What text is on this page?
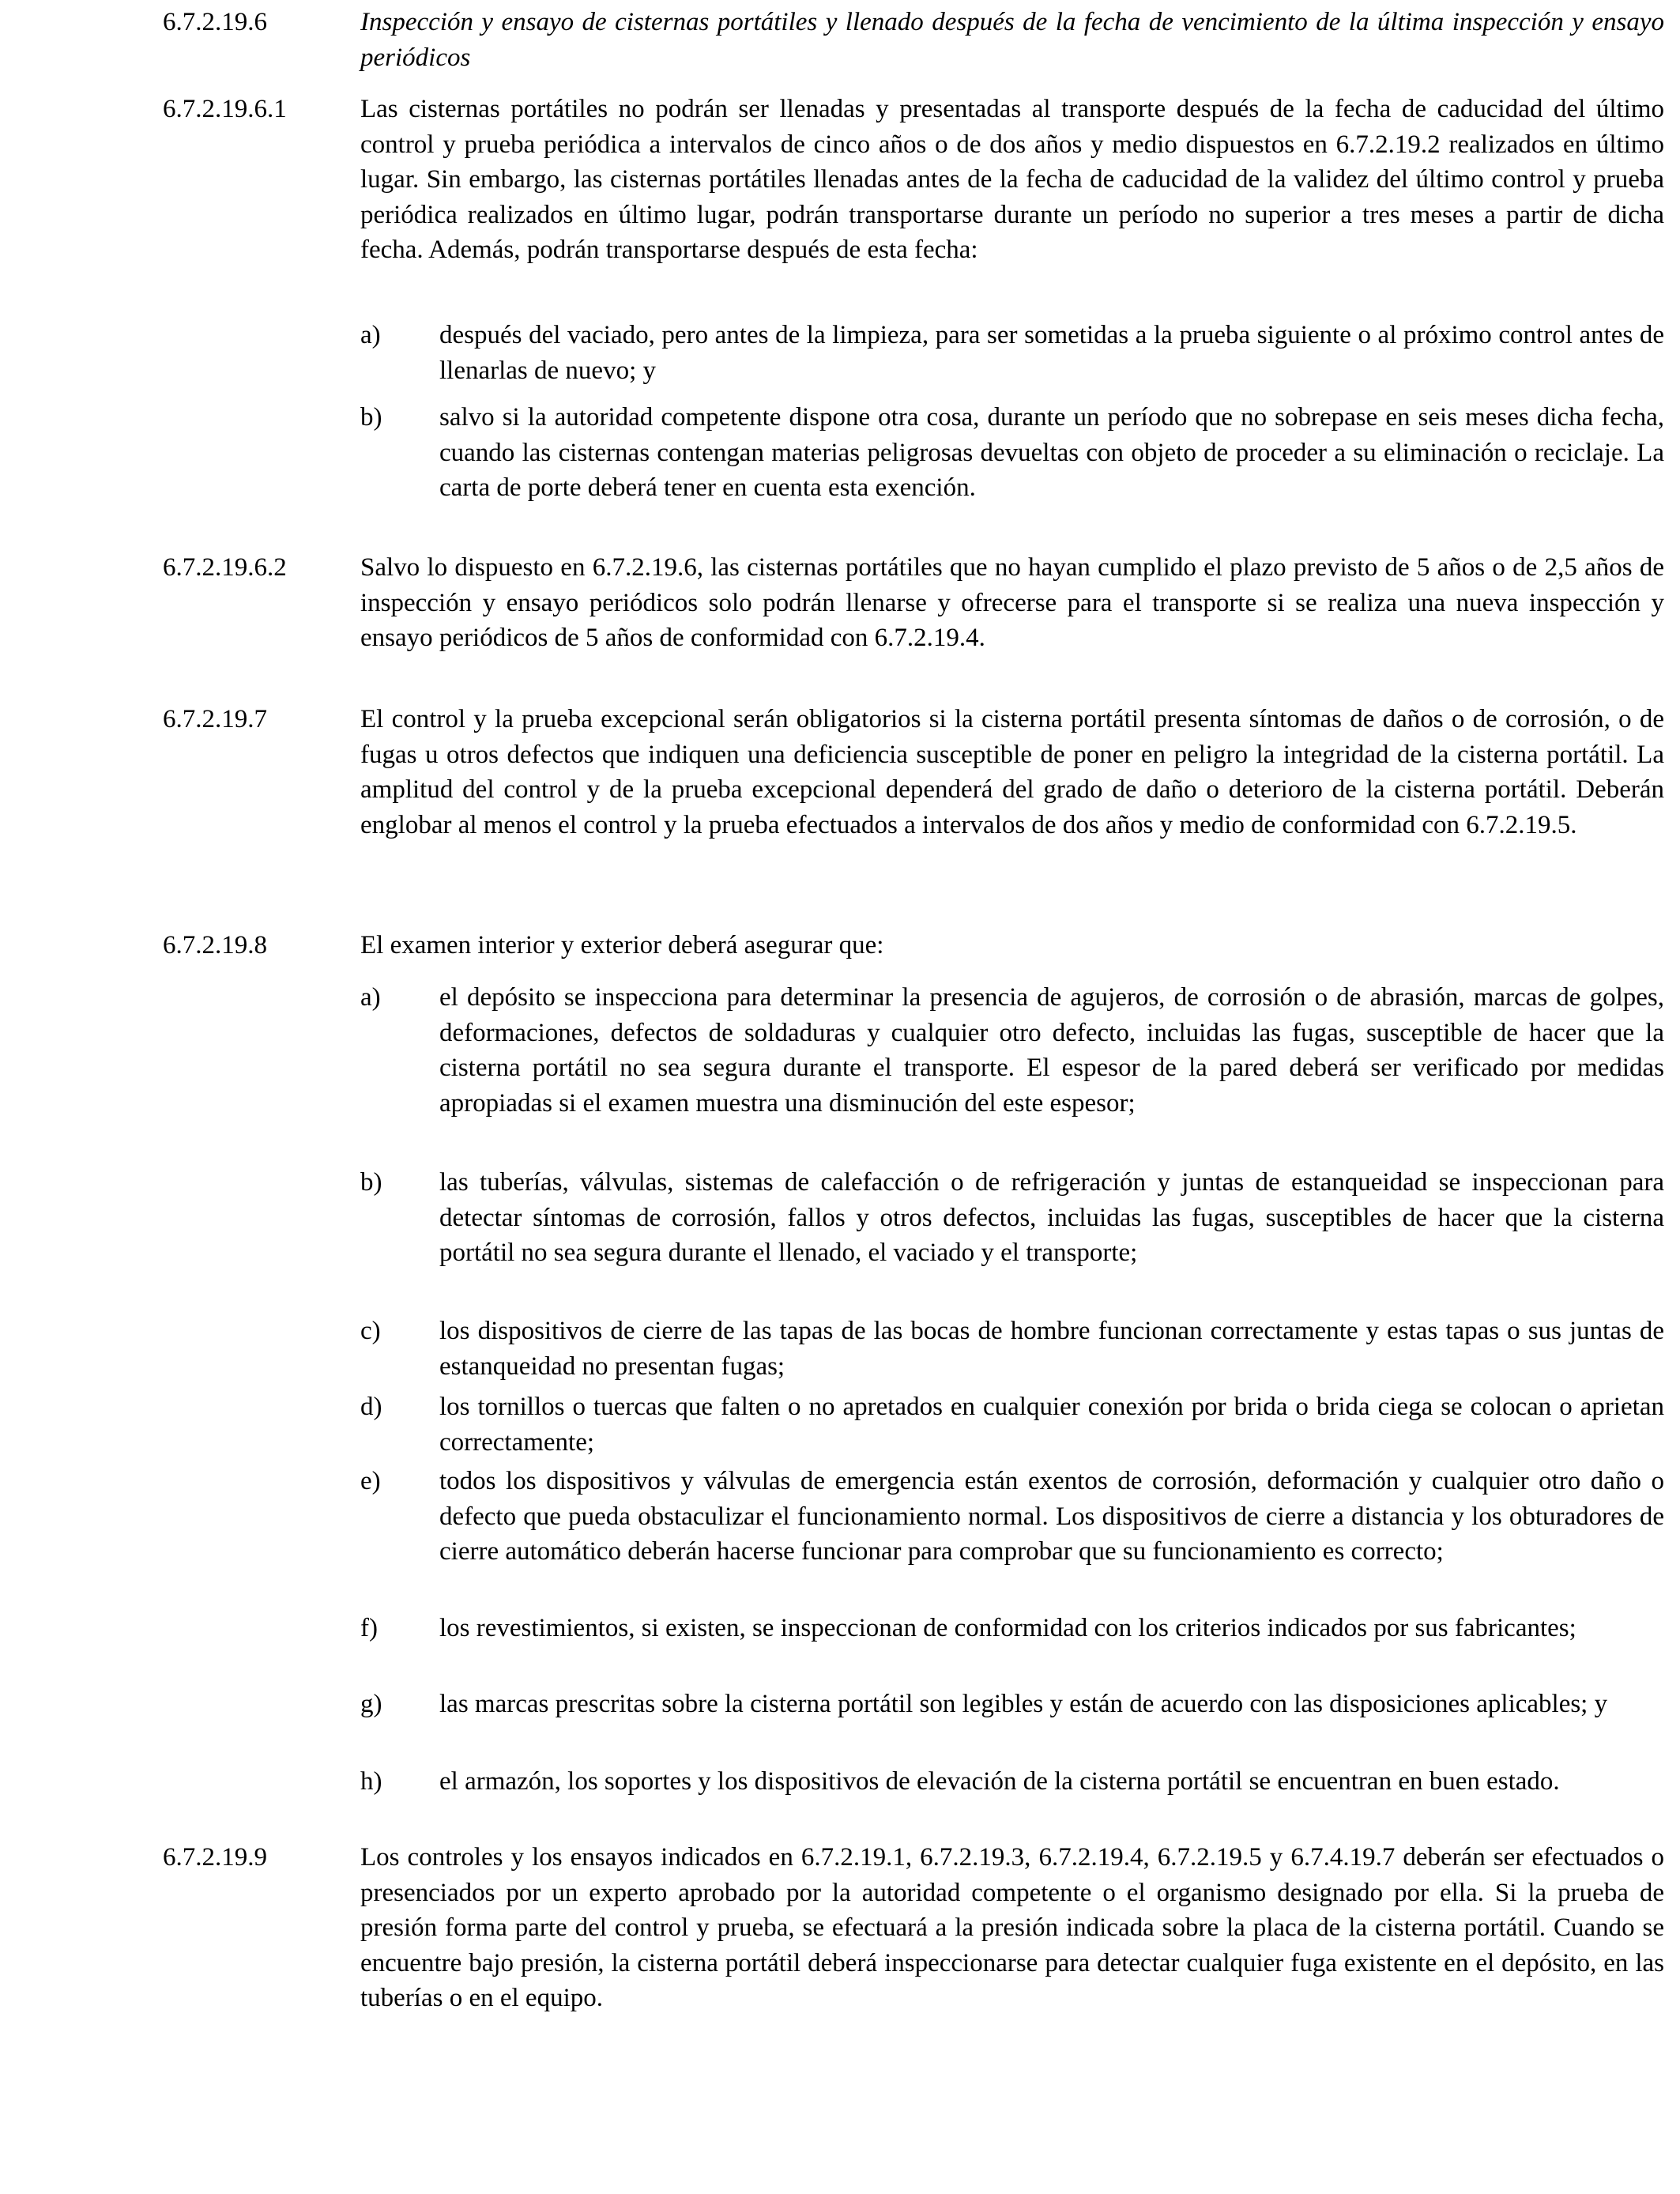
6.7.2.19.6	Inspección y ensayo de cisternas portátiles y llenado después de la fecha de vencimiento de la última inspección y ensayo periódicos
6.7.2.19.6.1	Las cisternas portátiles no podrán ser llenadas y presentadas al transporte después de la fecha de caducidad del último control y prueba periódica a intervalos de cinco años o de dos años y medio dispuestos en 6.7.2.19.2 realizados en último lugar. Sin embargo, las cisternas portátiles llenadas antes de la fecha de caducidad de la validez del último control y prueba periódica realizados en último lugar, podrán transportarse durante un período no superior a tres meses a partir de dicha fecha. Además, podrán transportarse después de esta fecha:
a) después del vaciado, pero antes de la limpieza, para ser sometidas a la prueba siguiente o al próximo control antes de llenarlas de nuevo; y
b) salvo si la autoridad competente dispone otra cosa, durante un período que no sobrepase en seis meses dicha fecha, cuando las cisternas contengan materias peligrosas devueltas con objeto de proceder a su eliminación o reciclaje. La carta de porte deberá tener en cuenta esta exención.
6.7.2.19.6.2	Salvo lo dispuesto en 6.7.2.19.6, las cisternas portátiles que no hayan cumplido el plazo previsto de 5 años o de 2,5 años de inspección y ensayo periódicos solo podrán llenarse y ofrecerse para el transporte si se realiza una nueva inspección y ensayo periódicos de 5 años de conformidad con 6.7.2.19.4.
6.7.2.19.7	El control y la prueba excepcional serán obligatorios si la cisterna portátil presenta síntomas de daños o de corrosión, o de fugas u otros defectos que indiquen una deficiencia susceptible de poner en peligro la integridad de la cisterna portátil. La amplitud del control y de la prueba excepcional dependerá del grado de daño o deterioro de la cisterna portátil. Deberán englobar al menos el control y la prueba efectuados a intervalos de dos años y medio de conformidad con 6.7.2.19.5.
6.7.2.19.8	El examen interior y exterior deberá asegurar que:
a) el depósito se inspecciona para determinar la presencia de agujeros, de corrosión o de abrasión, marcas de golpes, deformaciones, defectos de soldaduras y cualquier otro defecto, incluidas las fugas, susceptible de hacer que la cisterna portátil no sea segura durante el transporte. El espesor de la pared deberá ser verificado por medidas apropiadas si el examen muestra una disminución del este espesor;
b) las tuberías, válvulas, sistemas de calefacción o de refrigeración y juntas de estanqueidad se inspeccionan para detectar síntomas de corrosión, fallos y otros defectos, incluidas las fugas, susceptibles de hacer que la cisterna portátil no sea segura durante el llenado, el vaciado y el transporte;
c) los dispositivos de cierre de las tapas de las bocas de hombre funcionan correctamente y estas tapas o sus juntas de estanqueidad no presentan fugas;
d) los tornillos o tuercas que falten o no apretados en cualquier conexión por brida o brida ciega se colocan o aprietan correctamente;
e) todos los dispositivos y válvulas de emergencia están exentos de corrosión, deformación y cualquier otro daño o defecto que pueda obstaculizar el funcionamiento normal. Los dispositivos de cierre a distancia y los obturadores de cierre automático deberán hacerse funcionar para comprobar que su funcionamiento es correcto;
f) los revestimientos, si existen, se inspeccionan de conformidad con los criterios indicados por sus fabricantes;
g) las marcas prescritas sobre la cisterna portátil son legibles y están de acuerdo con las disposiciones aplicables; y
h) el armazón, los soportes y los dispositivos de elevación de la cisterna portátil se encuentran en buen estado.
6.7.2.19.9	Los controles y los ensayos indicados en 6.7.2.19.1, 6.7.2.19.3, 6.7.2.19.4, 6.7.2.19.5 y 6.7.4.19.7 deberán ser efectuados o presenciados por un experto aprobado por la autoridad competente o el organismo designado por ella. Si la prueba de presión forma parte del control y prueba, se efectuará a la presión indicada sobre la placa de la cisterna portátil. Cuando se encuentre bajo presión, la cisterna portátil deberá inspeccionarse para detectar cualquier fuga existente en el depósito, en las tuberías o en el equipo.
